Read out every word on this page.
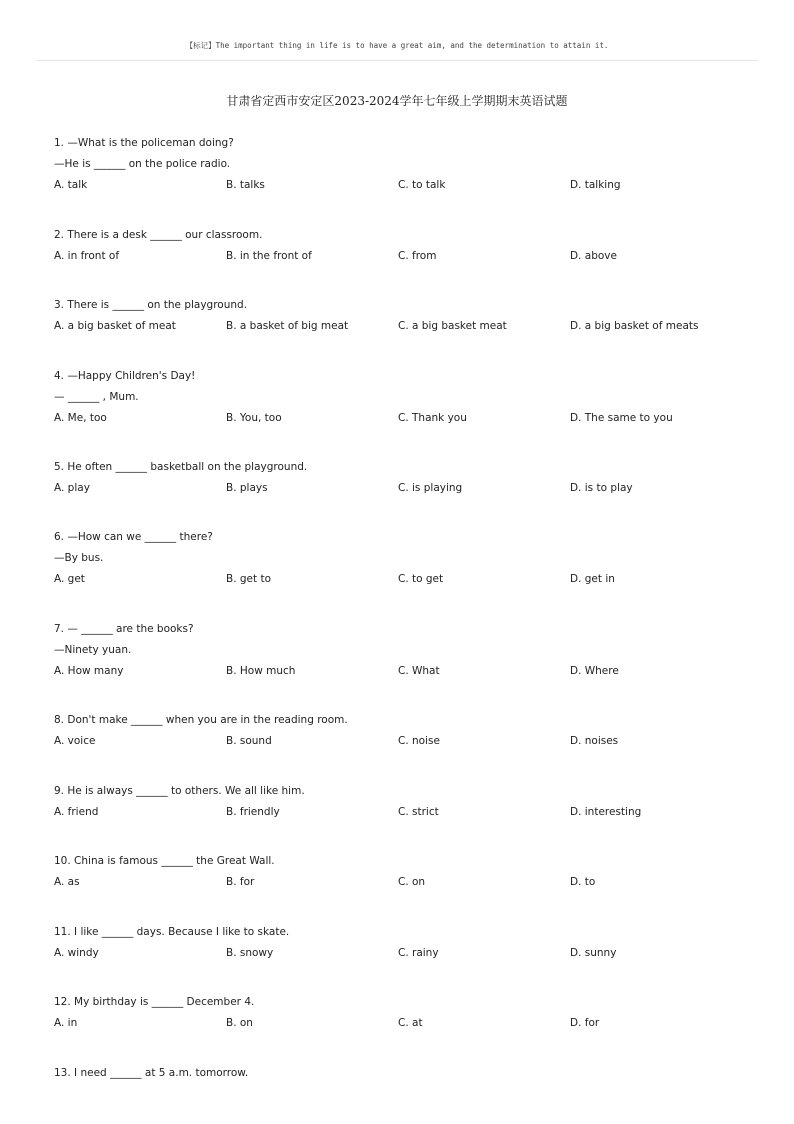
【标记】The important thing in life is to have a great aim, and the determination to attain it.
甘肃省定西市安定区2023-2024学年七年级上学期期末英语试题
1. —What is the policeman doing?
—He is ______ on the police radio.
A. talk	B. talks	C. to talk	D. talking
2. There is a desk ______ our classroom.
A. in front of	B. in the front of	C. from	D. above
3. There is ______ on the playground.
A. a big basket of meat	B. a basket of big meat	C. a big basket meat	D. a big basket of meats
4. —Happy Children's Day!
— ______ , Mum.
A. Me, too	B. You, too	C. Thank you	D. The same to you
5. He often ______ basketball on the playground.
A. play	B. plays	C. is playing	D. is to play
6. —How can we ______ there?
—By bus.
A. get	B. get to	C. to get	D. get in
7. — ______ are the books?
—Ninety yuan.
A. How many	B. How much	C. What	D. Where
8. Don't make ______ when you are in the reading room.
A. voice	B. sound	C. noise	D. noises
9. He is always ______ to others. We all like him.
A. friend	B. friendly	C. strict	D. interesting
10. China is famous ______ the Great Wall.
A. as	B. for	C. on	D. to
11. I like ______ days. Because I like to skate.
A. windy	B. snowy	C. rainy	D. sunny
12. My birthday is ______ December 4.
A. in	B. on	C. at	D. for
13. I need ______ at 5 a.m. tomorrow.
